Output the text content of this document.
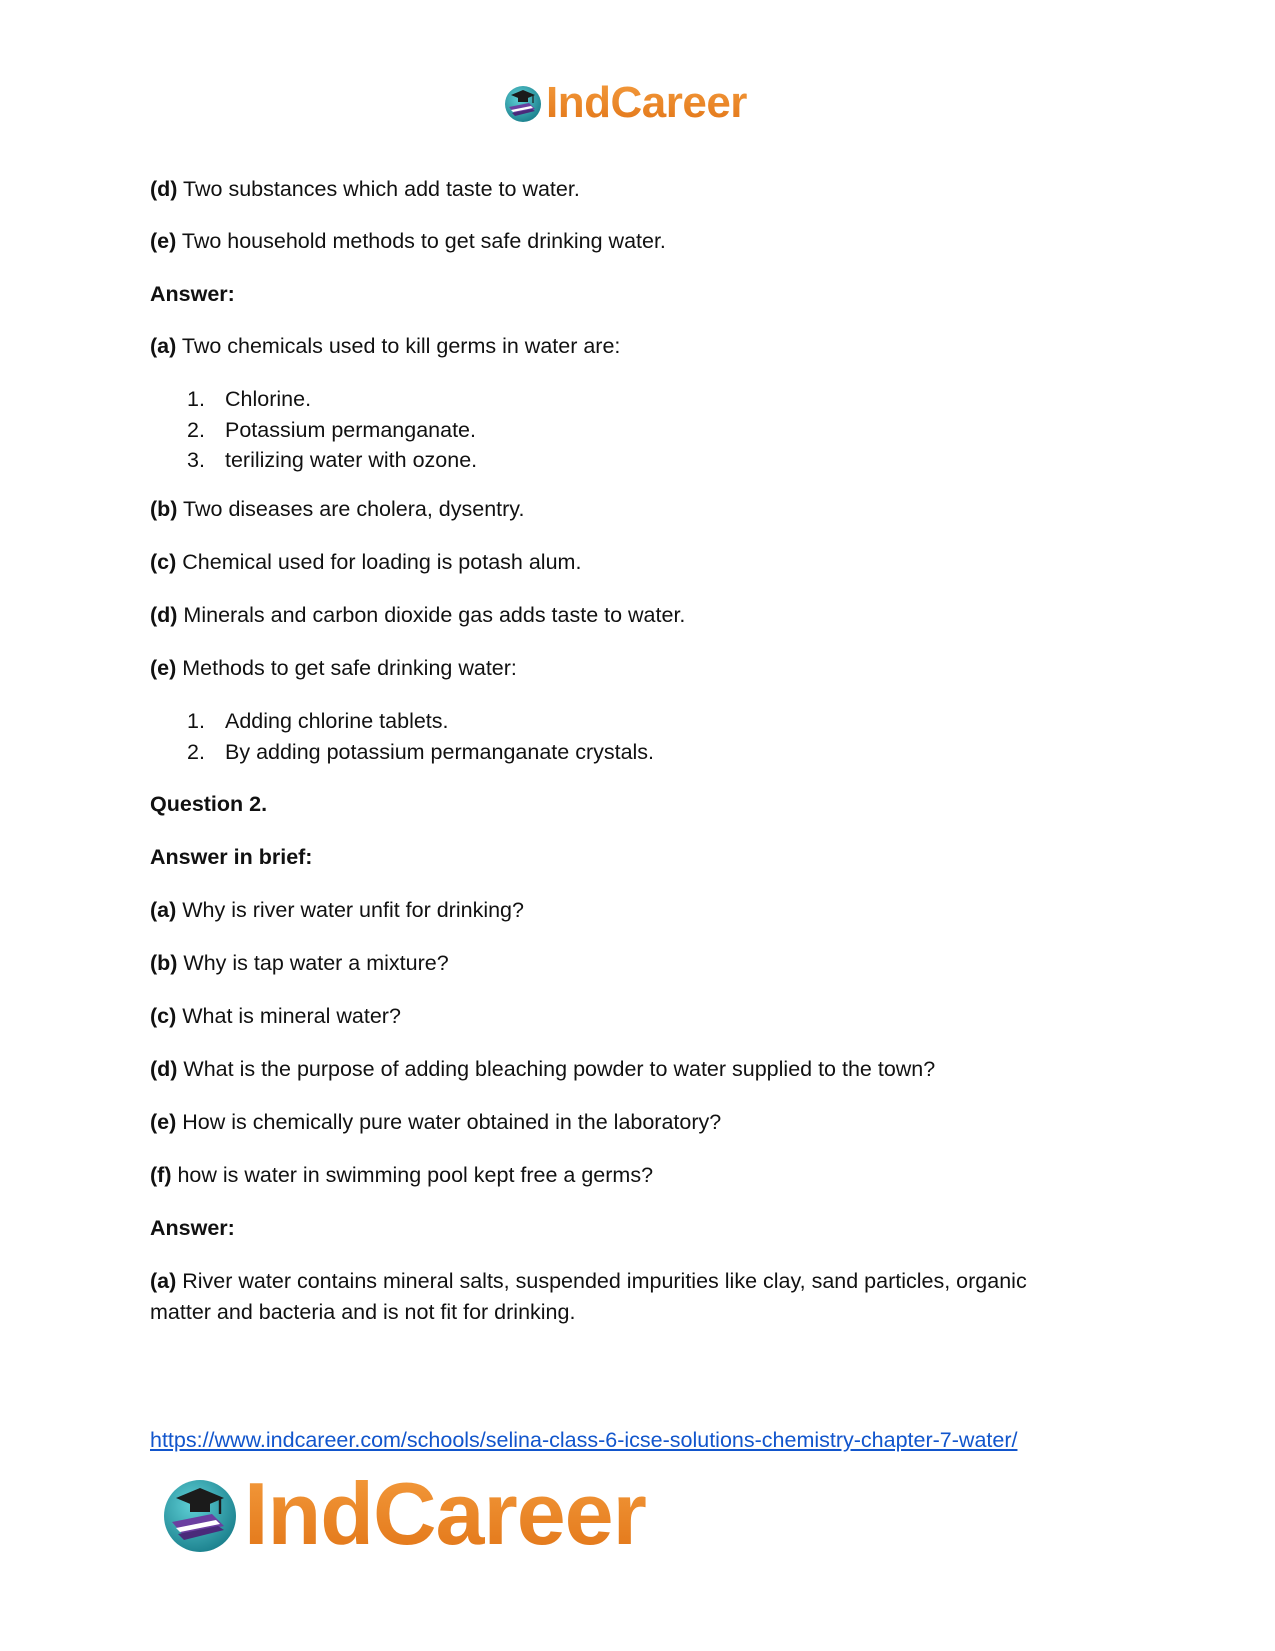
IndCareer

(d) Two substances which add taste to water.

(e) Two household methods to get safe drinking water.

Answer:

(a) Two chemicals used to kill germs in water are:

1. Chlorine.
2. Potassium permanganate.
3. terilizing water with ozone.

(b) Two diseases are cholera, dysentry.

(c) Chemical used for loading is potash alum.

(d) Minerals and carbon dioxide gas adds taste to water.

(e) Methods to get safe drinking water:

1. Adding chlorine tablets.
2. By adding potassium permanganate crystals.

Question 2.

Answer in brief:

(a) Why is river water unfit for drinking?

(b) Why is tap water a mixture?

(c) What is mineral water?

(d) What is the purpose of adding bleaching powder to water supplied to the town?

(e) How is chemically pure water obtained in the laboratory?

(f) how is water in swimming pool kept free a germs?

Answer:

(a) River water contains mineral salts, suspended impurities like clay, sand particles, organic matter and bacteria and is not fit for drinking.

https://www.indcareer.com/schools/selina-class-6-icse-solutions-chemistry-chapter-7-water/
IndCareer
